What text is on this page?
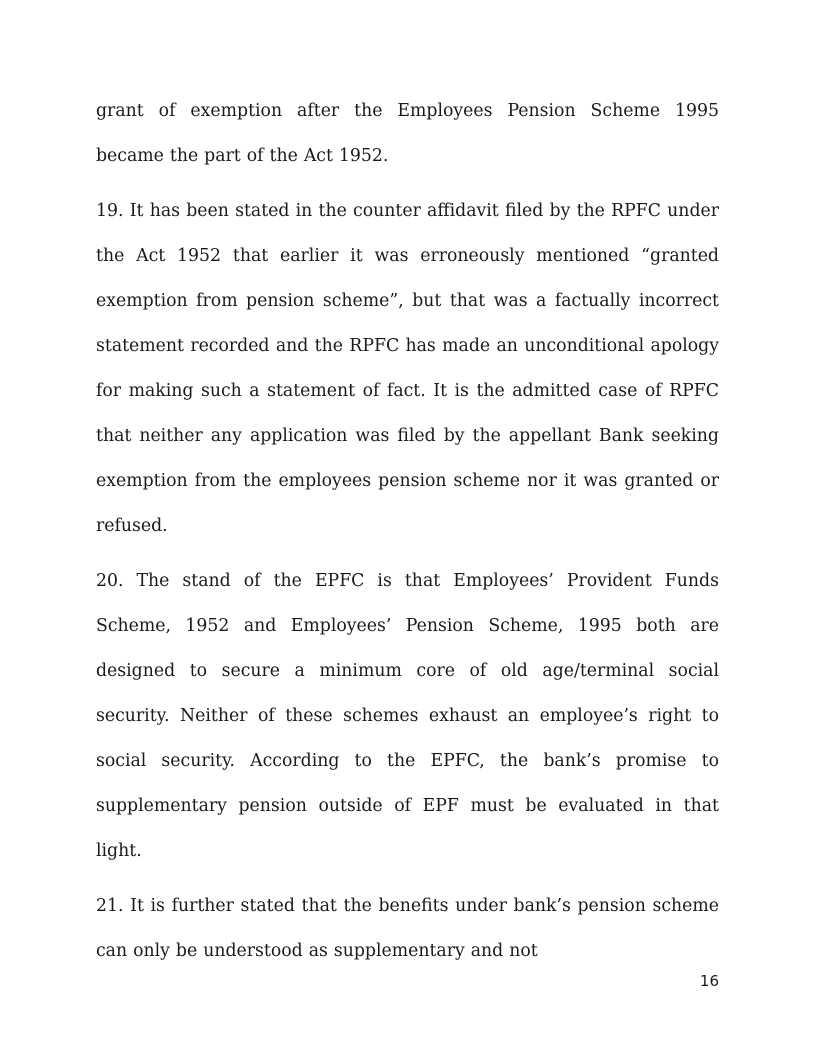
grant of exemption after the Employees Pension Scheme 1995 became the part of the Act 1952.

19. It has been stated in the counter affidavit filed by the RPFC under the Act 1952 that earlier it was erroneously mentioned “granted exemption from pension scheme”, but that was a factually incorrect statement recorded and the RPFC has made an unconditional apology for making such a statement of fact. It is the admitted case of RPFC that neither any application was filed by the appellant Bank seeking exemption from the employees pension scheme nor it was granted or refused.

20. The stand of the EPFC is that Employees’ Provident Funds Scheme, 1952 and Employees’ Pension Scheme, 1995 both are designed to secure a minimum core of old age/terminal social security. Neither of these schemes exhaust an employee’s right to social security. According to the EPFC, the bank’s promise to supplementary pension outside of EPF must be evaluated in that light.

21. It is further stated that the benefits under bank’s pension scheme can only be understood as supplementary and not

16
